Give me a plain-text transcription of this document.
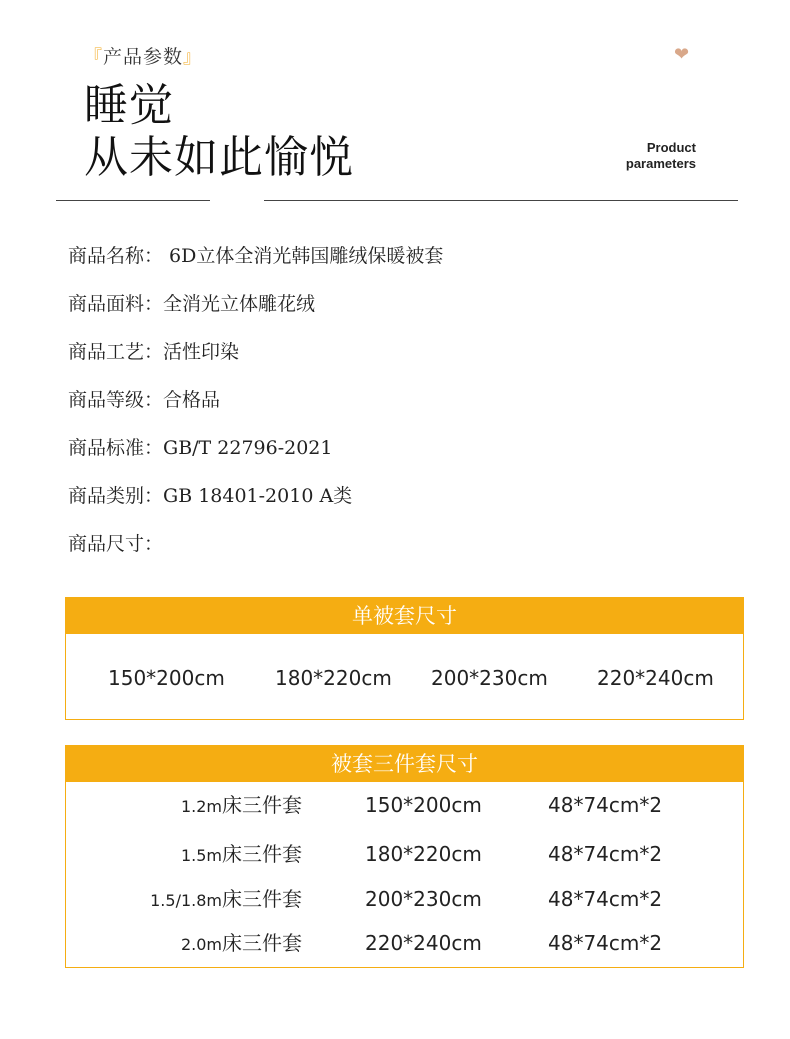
『产品参数』	❤
睡觉
从未如此愉悦	Product
parameters
商品名称： 6D立体全消光韩国雕绒保暖被套
商品面料：全消光立体雕花绒
商品工艺：活性印染
商品等级：合格品
商品标准：GB/T 22796-2021
商品类别：GB 18401-2010 A类
商品尺寸：
单被套尺寸
150*200cm	180*220cm 200*230cm 220*240cm
被套三件套尺寸
1.2m床三件套	150*200cm	48*74cm*2
1.5m床三件套	180*220cm	48*74cm*2
1.5/1.8m床三件套	200*230cm	48*74cm*2
2.0m床三件套	220*240cm	48*74cm*2
